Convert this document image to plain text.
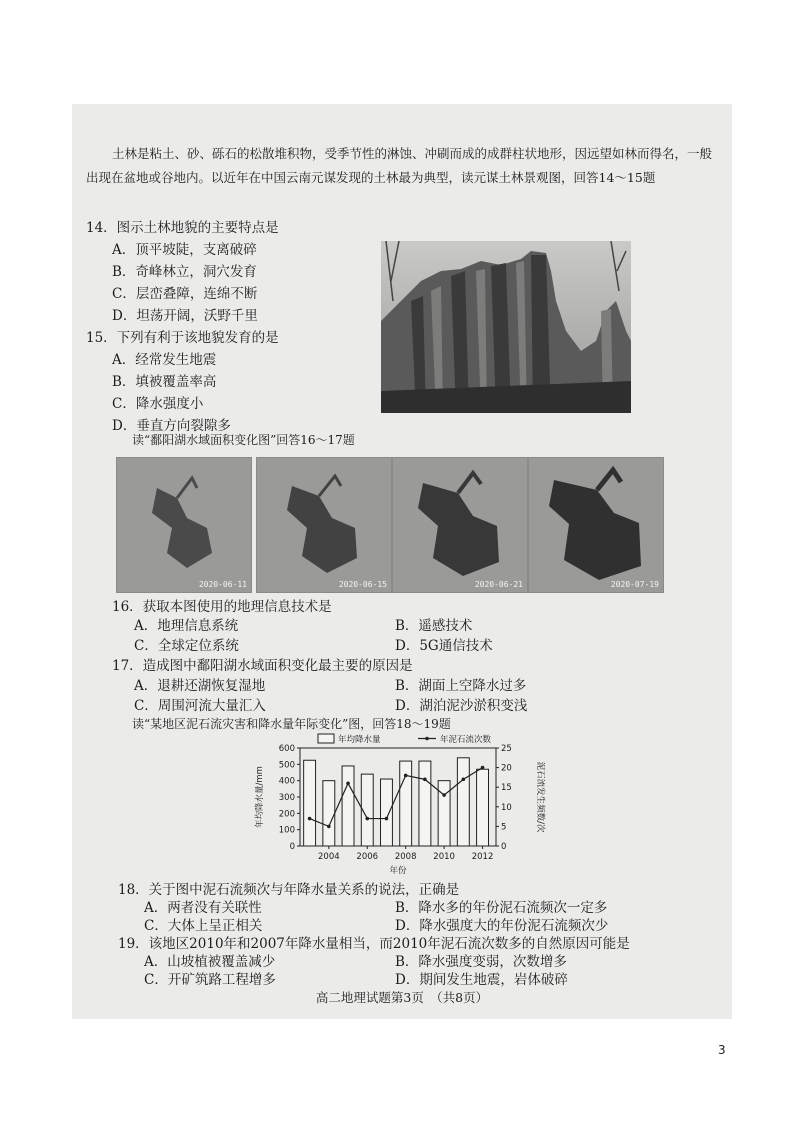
土林是粘土、砂、砾石的松散堆积物，受季节性的淋蚀、冲刷而成的成群柱状地形，因远望如林而得名，一般出现在盆地或谷地内。以近年在中国云南元谋发现的土林最为典型，读元谋土林景观图，回答14～15题
14．图示土林地貌的主要特点是
A．顶平坡陡，支离破碎
B．奇峰林立，洞穴发育
C．层峦叠障，连绵不断
D．坦荡开阔，沃野千里
15．下列有利于该地貌发育的是
A．经常发生地震
B．填被覆盖率高
C．降水强度小
D．垂直方向裂隙多
读“鄱阳湖水域面积变化图”回答16～17题
2020-06-11	2020-06-15	2020-06-21	2020-07-19
16．获取本图使用的地理信息技术是
A．地理信息系统	B．遥感技术
C．全球定位系统	D．5G通信技术
17．造成图中鄱阳湖水域面积变化最主要的原因是
A．退耕还湖恢复湿地	B．湖面上空降水过多
C．周围河流大量汇入	D．湖泊泥沙淤积变浅
读“某地区泥石流灾害和降水量年际变化”图，回答18～19题
600
500
400
300
200
100
0
25
20
15
10
5
0
2004 2006 2008 2010 2012
年份
年均降水量/mm	泥石流发生频数/次
年均降水量	年泥石流次数
18．关于图中泥石流频次与年降水量关系的说法，正确是
A．两者没有关联性	B．降水多的年份泥石流频次一定多
C．大体上呈正相关	D．降水强度大的年份泥石流频次少
19．该地区2010年和2007年降水量相当，而2010年泥石流次数多的自然原因可能是
A．山坡植被覆盖减少	B．降水强度变弱，次数增多
C．开矿筑路工程增多	D．期间发生地震，岩体破碎
高二地理试题第3页　（共8页）
3
